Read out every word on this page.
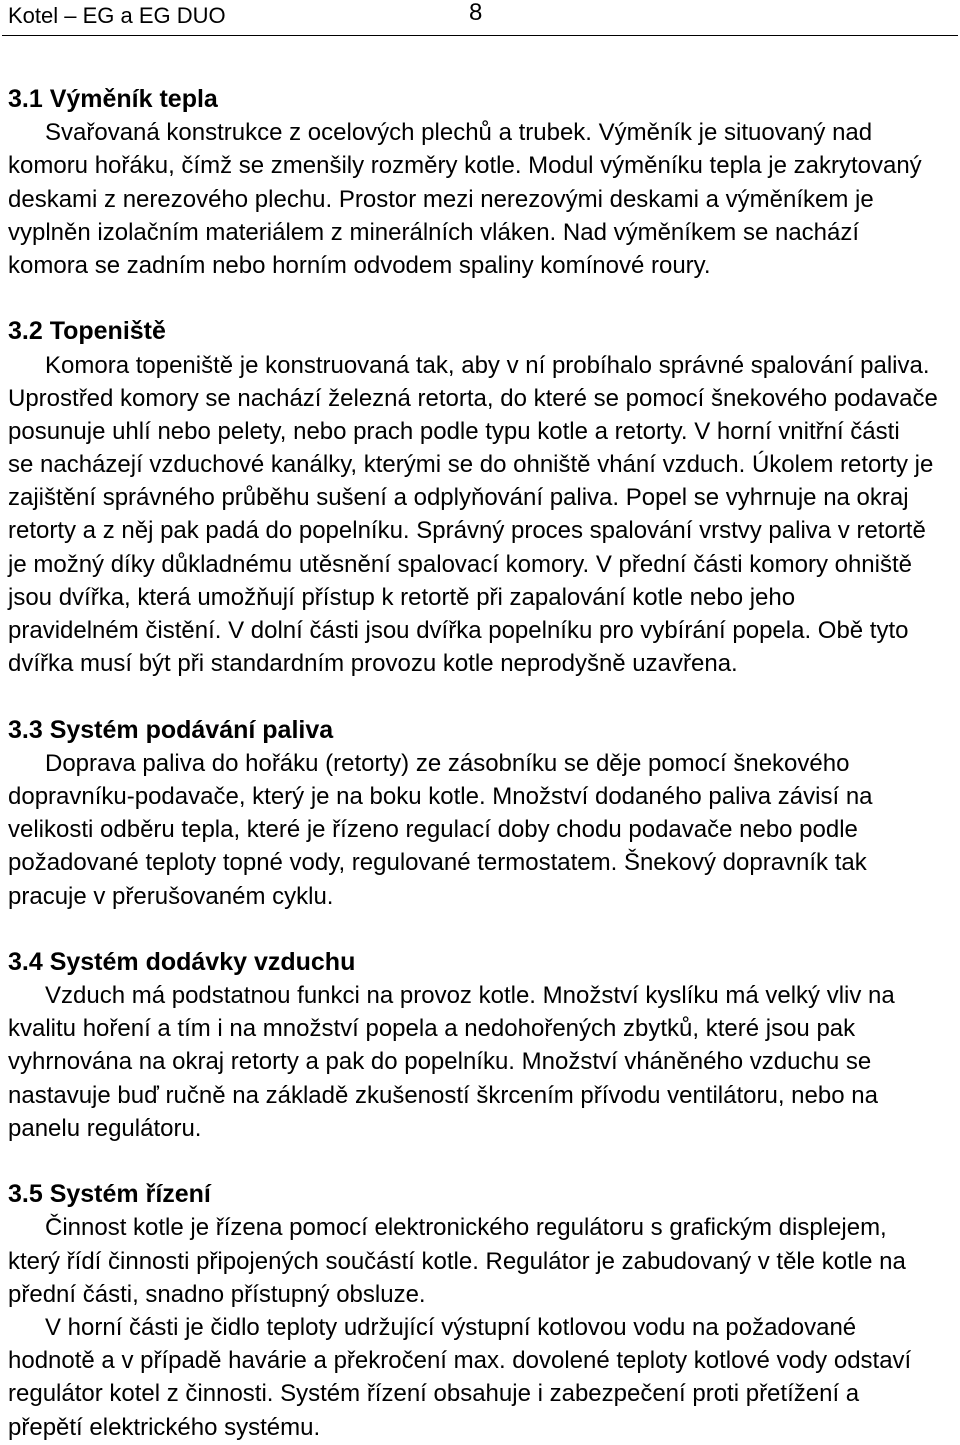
Kotel – EG a EG DUO	8
3.1 Výměník tepla
Svařovaná konstrukce z ocelových plechů a trubek. Výměník je situovaný nad
komoru hořáku, čímž se zmenšily rozměry kotle. Modul výměníku tepla je zakrytovaný
deskami z nerezového plechu. Prostor mezi nerezovými deskami a výměníkem je
vyplněn izolačním materiálem z minerálních vláken. Nad výměníkem se nachází
komora se zadním nebo horním odvodem spaliny komínové roury.
3.2 Topeniště
Komora topeniště je konstruovaná tak, aby v ní probíhalo správné spalování paliva.
Uprostřed komory se nachází železná retorta, do které se pomocí šnekového podavače
posunuje uhlí nebo pelety, nebo prach podle typu kotle a retorty. V horní vnitřní části
se nacházejí vzduchové kanálky, kterými se do ohniště vhání vzduch. Úkolem retorty je
zajištění správného průběhu sušení a odplyňování paliva. Popel se vyhrnuje na okraj
retorty a z něj pak padá do popelníku. Správný proces spalování vrstvy paliva v retortě
je možný díky důkladnému utěsnění spalovací komory. V přední části komory ohniště
jsou dvířka, která umožňují přístup k retortě při zapalování kotle nebo jeho
pravidelném čistění. V dolní části jsou dvířka popelníku pro vybírání popela. Obě tyto
dvířka musí být při standardním provozu kotle neprodyšně uzavřena.
3.3 Systém podávání paliva
Doprava paliva do hořáku (retorty) ze zásobníku se děje pomocí šnekového
dopravníku-podavače, který je na boku kotle. Množství dodaného paliva závisí na
velikosti odběru tepla, které je řízeno regulací doby chodu podavače nebo podle
požadované teploty topné vody, regulované termostatem. Šnekový dopravník tak
pracuje v přerušovaném cyklu.
3.4 Systém dodávky vzduchu
Vzduch má podstatnou funkci na provoz kotle. Množství kyslíku má velký vliv na
kvalitu hoření a tím i na množství popela a nedohořených zbytků, které jsou pak
vyhrnována na okraj retorty a pak do popelníku. Množství vháněného vzduchu se
nastavuje buď ručně na základě zkušeností škrcením přívodu ventilátoru, nebo na
panelu regulátoru.
3.5 Systém řízení
Činnost kotle je řízena pomocí elektronického regulátoru s grafickým displejem,
který řídí činnosti připojených součástí kotle. Regulátor je zabudovaný v těle kotle na
přední části, snadno přístupný obsluze.
V horní části je čidlo teploty udržující výstupní kotlovou vodu na požadované
hodnotě a v případě havárie a překročení max. dovolené teploty kotlové vody odstaví
regulátor kotel z činnosti. Systém řízení obsahuje i zabezpečení proti přetížení a
přepětí elektrického systému.
